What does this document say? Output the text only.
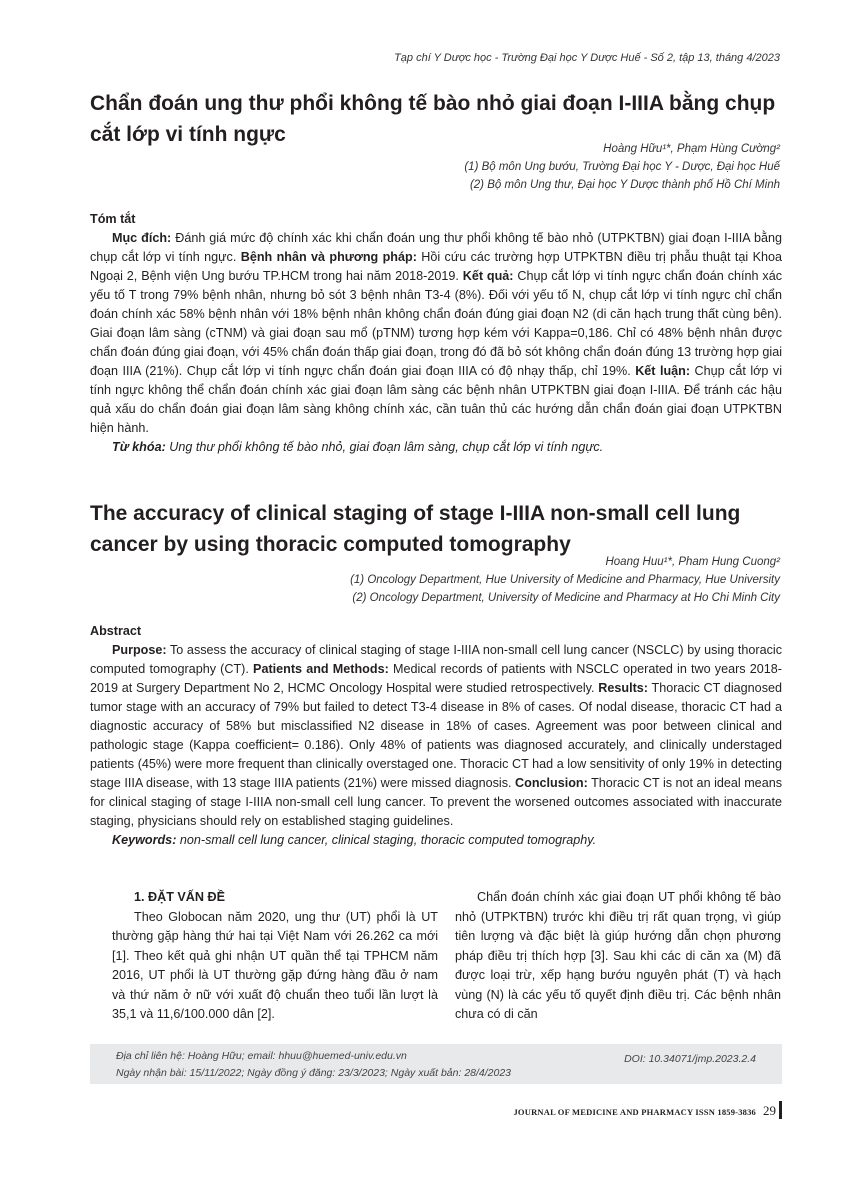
Tạp chí Y Dược học - Trường Đại học Y Dược Huế - Số 2, tập 13, tháng 4/2023
Chẩn đoán ung thư phổi không tế bào nhỏ giai đoạn I-IIIA bằng chụp cắt lớp vi tính ngực
Hoàng Hữu¹*, Phạm Hùng Cường²
(1) Bộ môn Ung bướu, Trường Đại học Y - Dược, Đại học Huế
(2) Bộ môn Ung thư, Đại học Y Dược thành phố Hồ Chí Minh
Tóm tắt

Mục đích: Đánh giá mức độ chính xác khi chẩn đoán ung thư phổi không tế bào nhỏ (UTPKTBN) giai đoạn I-IIIA bằng chụp cắt lớp vi tính ngực. Bệnh nhân và phương pháp: Hồi cứu các trường hợp UTPKTBN điều trị phẫu thuật tại Khoa Ngoại 2, Bệnh viện Ung bướu TP.HCM trong hai năm 2018-2019. Kết quả: Chụp cắt lớp vi tính ngực chẩn đoán chính xác yếu tố T trong 79% bệnh nhân, nhưng bỏ sót 3 bệnh nhân T3-4 (8%). Đối với yếu tố N, chụp cắt lớp vi tính ngực chỉ chẩn đoán chính xác 58% bệnh nhân với 18% bệnh nhân không chẩn đoán đúng giai đoạn N2 (di căn hạch trung thất cùng bên). Giai đoạn lâm sàng (cTNM) và giai đoạn sau mổ (pTNM) tương hợp kém với Kappa=0,186. Chỉ có 48% bệnh nhân được chẩn đoán đúng giai đoạn, với 45% chẩn đoán thấp giai đoạn, trong đó đã bỏ sót không chẩn đoán đúng 13 trường hợp giai đoạn IIIA (21%). Chụp cắt lớp vi tính ngực chẩn đoán giai đoạn IIIA có độ nhạy thấp, chỉ 19%. Kết luận: Chụp cắt lớp vi tính ngực không thể chẩn đoán chính xác giai đoạn lâm sàng các bệnh nhân UTPKTBN giai đoạn I-IIIA. Để tránh các hậu quả xấu do chẩn đoán giai đoạn lâm sàng không chính xác, cần tuân thủ các hướng dẫn chẩn đoán giai đoạn UTPKTBN hiện hành.

Từ khóa: Ung thư phổi không tế bào nhỏ, giai đoạn lâm sàng, chụp cắt lớp vi tính ngực.

The accuracy of clinical staging of stage I-IIIA non-small cell lung cancer by using thoracic computed tomography
Hoang Huu¹*, Pham Hung Cuong²
(1) Oncology Department, Hue University of Medicine and Pharmacy, Hue University
(2) Oncology Department, University of Medicine and Pharmacy at Ho Chi Minh City
Abstract

Purpose: To assess the accuracy of clinical staging of stage I-IIIA non-small cell lung cancer (NSCLC) by using thoracic computed tomography (CT). Patients and Methods: Medical records of patients with NSCLC operated in two years 2018-2019 at Surgery Department No 2, HCMC Oncology Hospital were studied retrospectively. Results: Thoracic CT diagnosed tumor stage with an accuracy of 79% but failed to detect T3-4 disease in 8% of cases. Of nodal disease, thoracic CT had a diagnostic accuracy of 58% but misclassified N2 disease in 18% of cases. Agreement was poor between clinical and pathologic stage (Kappa coefficient= 0.186). Only 48% of patients was diagnosed accurately, and clinically understaged patients (45%) were more frequent than clinically overstaged one. Thoracic CT had a low sensitivity of only 19% in detecting stage IIIA disease, with 13 stage IIIA patients (21%) were missed diagnosis. Conclusion: Thoracic CT is not an ideal means for clinical staging of stage I-IIIA non-small cell lung cancer. To prevent the worsened outcomes associated with inaccurate staging, physicians should rely on established staging guidelines.

Keywords: non-small cell lung cancer, clinical staging, thoracic computed tomography.

1. ĐẶT VẤN ĐỀ

Theo Globocan năm 2020, ung thư (UT) phổi là UT thường gặp hàng thứ hai tại Việt Nam với 26.262 ca mới [1]. Theo kết quả ghi nhận UT quần thể tại TPHCM năm 2016, UT phổi là UT thường gặp đứng hàng đầu ở nam và thứ năm ở nữ với xuất độ chuẩn theo tuổi lần lượt là 35,1 và 11,6/100.000 dân [2].

Chẩn đoán chính xác giai đoạn UT phổi không tế bào nhỏ (UTPKTBN) trước khi điều trị rất quan trọng, vì giúp tiên lượng và đặc biệt là giúp hướng dẫn chọn phương pháp điều trị thích hợp [3]. Sau khi các di căn xa (M) đã được loại trừ, xếp hạng bướu nguyên phát (T) và hạch vùng (N) là các yếu tố quyết định điều trị. Các bệnh nhân chưa có di căn

Địa chỉ liên hệ: Hoàng Hữu; email: hhuu@huemed-univ.edu.vn
Ngày nhận bài: 15/11/2022; Ngày đồng ý đăng: 23/3/2023; Ngày xuất bản: 28/4/2023
DOI: 10.34071/jmp.2023.2.4
JOURNAL OF MEDICINE AND PHARMACY ISSN 1859-3836 29
